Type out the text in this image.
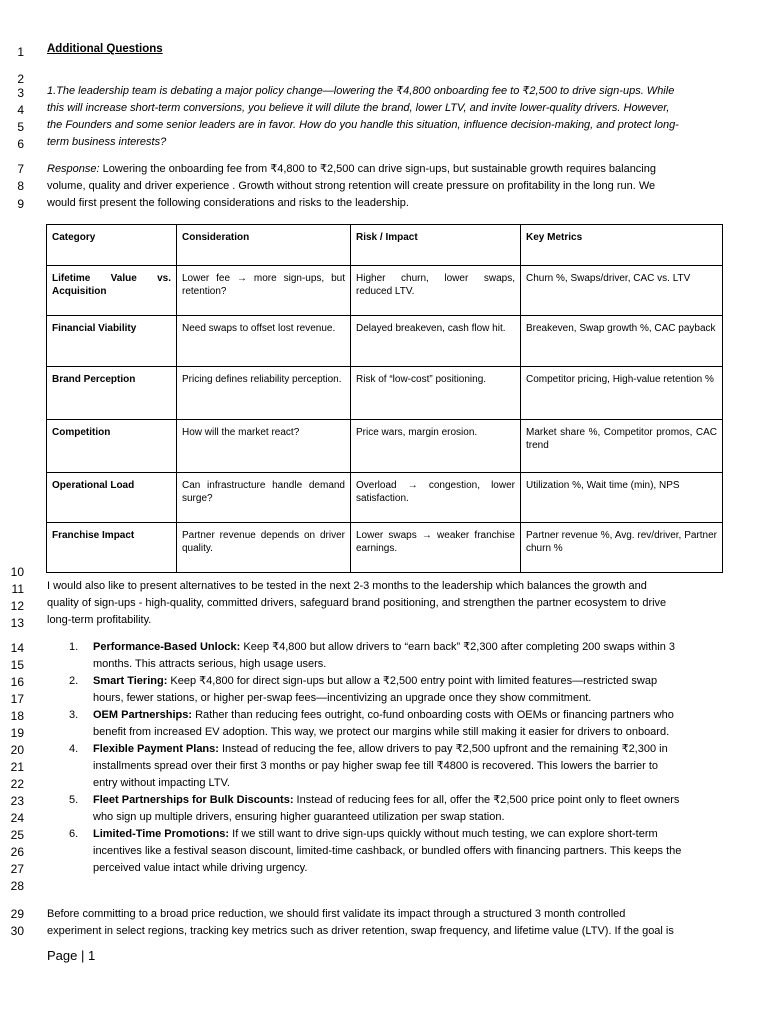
1
2
3
4
5
6
7
8
9
10
11
12
13
14
15
16
17
18
19
20
21
22
23
24
25
26
27
28
29
30
Additional Questions
1.The leadership team is debating a major policy change—lowering the ₹4,800 onboarding fee to ₹2,500 to drive sign-ups. While
this will increase short-term conversions, you believe it will dilute the brand, lower LTV, and invite lower-quality drivers. However,
the Founders and some senior leaders are in favor. How do you handle this situation, influence decision-making, and protect long-
term business interests?
Response: Lowering the onboarding fee from ₹4,800 to ₹2,500 can drive sign-ups, but sustainable growth requires balancing
volume, quality and driver experience . Growth without strong retention will create pressure on profitability in the long run. We
would first present the following considerations and risks to the leadership.
Category	Consideration	Risk / Impact	Key Metrics
Lifetime Value vs. Acquisition	Lower fee → more sign-ups, but retention?	Higher churn, lower swaps, reduced LTV.	Churn %, Swaps/driver, CAC vs. LTV
Financial Viability	Need swaps to offset lost revenue.	Delayed breakeven, cash flow hit.	Breakeven, Swap growth %, CAC payback
Brand Perception	Pricing defines reliability perception.	Risk of “low-cost” positioning.	Competitor pricing, High-value retention %
Competition	How will the market react?	Price wars, margin erosion.	Market share %, Competitor promos, CAC trend
Operational Load	Can infrastructure handle demand surge?	Overload → congestion, lower satisfaction.	Utilization %, Wait time (min), NPS
Franchise Impact	Partner revenue depends on driver quality.	Lower swaps → weaker franchise earnings.	Partner revenue %, Avg. rev/driver, Partner churn %
I would also like to present alternatives to be tested in the next 2-3 months to the leadership which balances the growth and
quality of sign-ups - high-quality, committed drivers, safeguard brand positioning, and strengthen the partner ecosystem to drive
long-term profitability.
1.	Performance-Based Unlock: Keep ₹4,800 but allow drivers to “earn back” ₹2,300 after completing 200 swaps within 3
months. This attracts serious, high usage users.
2.	Smart Tiering: Keep ₹4,800 for direct sign-ups but allow a ₹2,500 entry point with limited features—restricted swap
hours, fewer stations, or higher per-swap fees—incentivizing an upgrade once they show commitment.
3.	OEM Partnerships: Rather than reducing fees outright, co-fund onboarding costs with OEMs or financing partners who
benefit from increased EV adoption. This way, we protect our margins while still making it easier for drivers to onboard.
4.	Flexible Payment Plans: Instead of reducing the fee, allow drivers to pay ₹2,500 upfront and the remaining ₹2,300 in
installments spread over their first 3 months or pay higher swap fee till ₹4800 is recovered. This lowers the barrier to
entry without impacting LTV.
5.	Fleet Partnerships for Bulk Discounts: Instead of reducing fees for all, offer the ₹2,500 price point only to fleet owners
who sign up multiple drivers, ensuring higher guaranteed utilization per swap station.
6.	Limited-Time Promotions: If we still want to drive sign-ups quickly without much testing, we can explore short-term
incentives like a festival season discount, limited-time cashback, or bundled offers with financing partners. This keeps the
perceived value intact while driving urgency.
Before committing to a broad price reduction, we should first validate its impact through a structured 3 month controlled
experiment in select regions, tracking key metrics such as driver retention, swap frequency, and lifetime value (LTV). If the goal is
Page | 1
